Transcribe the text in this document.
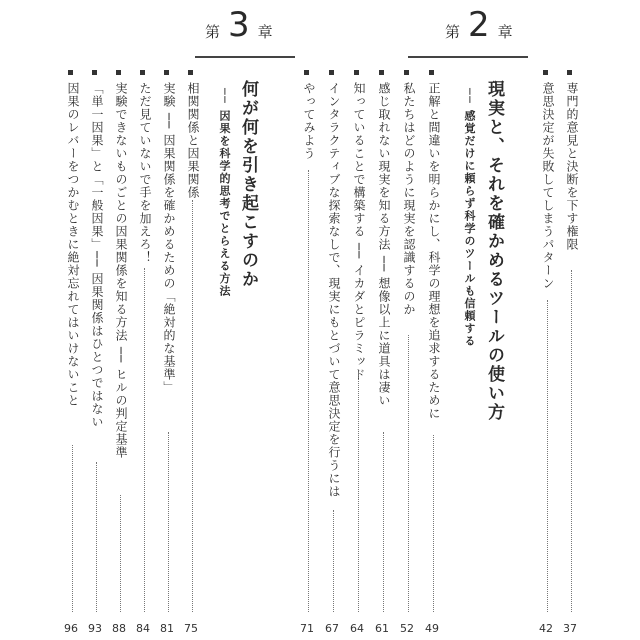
第 3 章	第 2 章
何が何を引き起こすのか
── 因果を科学的思考でとらえる方法	現実と、それを確かめるツールの使い方
── 感覚だけに頼らず科学のツールも信頼する
相関関係と因果関係
75
実験 ── 因果関係を確かめるための「絶対的な基準」
81
ただ見ていないで手を加えろ！
84
実験できないものごとの因果関係を知る方法 ── ヒルの判定基準
88
「単一因果」と「一般因果」── 因果関係はひとつではない
93
因果のレバーをつかむときに絶対忘れてはいけないこと
96
正解と間違いを明らかにし、科学の理想を追求するために
49
私たちはどのように現実を認識するのか
52
感じ取れない現実を知る方法 ── 想像以上に道具は凄い
61
知っていることで構築する ── イカダとピラミッド
64
インタラクティブな探索なしで、現実にもとづいて意思決定を行うには
67
やってみよう
71
専門的意見と決断を下す権限
37
意思決定が失敗してしまうパターン
42
